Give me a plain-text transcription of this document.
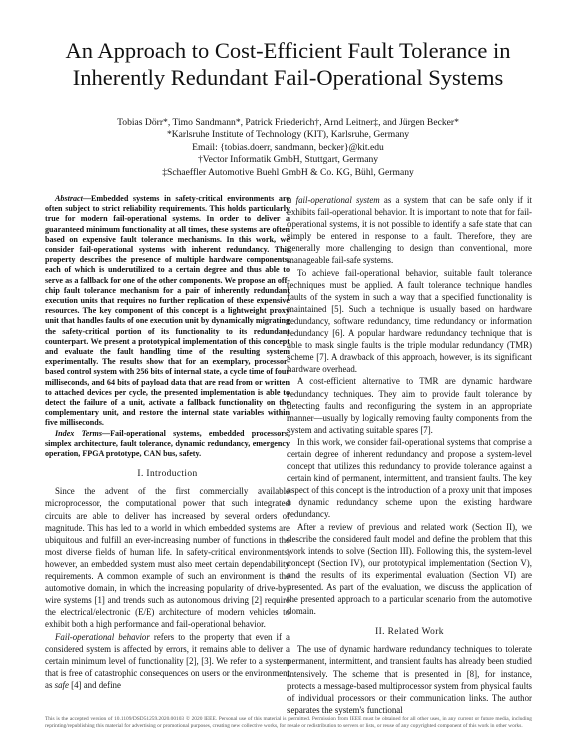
An Approach to Cost-Efficient Fault Tolerance in Inherently Redundant Fail-Operational Systems
Tobias Dörr*, Timo Sandmann*, Patrick Friederich†, Arnd Leitner‡, and Jürgen Becker*
*Karlsruhe Institute of Technology (KIT), Karlsruhe, Germany
Email: {tobias.doerr, sandmann, becker}@kit.edu
†Vector Informatik GmbH, Stuttgart, Germany
‡Schaeffler Automotive Buehl GmbH & Co. KG, Bühl, Germany

Abstract—Embedded systems in safety-critical environments are often subject to strict reliability requirements. This holds particularly true for modern fail-operational systems. In order to deliver a guaranteed minimum functionality at all times, these systems are often based on expensive fault tolerance mechanisms. In this work, we consider fail-operational systems with inherent redundancy. This property describes the presence of multiple hardware components, each of which is underutilized to a certain degree and thus able to serve as a fallback for one of the other components. We propose an off-chip fault tolerance mechanism for a pair of inherently redundant execution units that requires no further replication of these expensive resources. The key component of this concept is a lightweight proxy unit that handles faults of one execution unit by dynamically migrating the safety-critical portion of its functionality to its redundant counterpart. We present a prototypical implementation of this concept and evaluate the fault handling time of the resulting system experimentally. The results show that for an exemplary, processor-based control system with 256 bits of internal state, a cycle time of four milliseconds, and 64 bits of payload data that are read from or written to attached devices per cycle, the presented implementation is able to detect the failure of a unit, activate a fallback functionality on the complementary unit, and restore the internal state variables within five milliseconds.

Index Terms—Fail-operational systems, embedded processors, simplex architecture, fault tolerance, dynamic redundancy, emergency operation, FPGA prototype, CAN bus, safety.

I. Introduction

Since the advent of the first commercially available microprocessor, the computational power that such integrated circuits are able to deliver has increased by several orders of magnitude. This has led to a world in which embedded systems are ubiquitous and fulfill an ever-increasing number of functions in the most diverse fields of human life. In safety-critical environments, however, an embedded system must also meet certain dependability requirements. A common example of such an environment is the automotive domain, in which the increasing popularity of drive-by-wire systems [1] and trends such as autonomous driving [2] require the electrical/electronic (E/E) architecture of modern vehicles to exhibit both a high performance and fail-operational behavior.

Fail-operational behavior refers to the property that even if a considered system is affected by errors, it remains able to deliver a certain minimum level of functionality [2], [3]. We refer to a system that is free of catastrophic consequences on users or the environment as safe [4] and define

a fail-operational system as a system that can be safe only if it exhibits fail-operational behavior. It is important to note that for fail-operational systems, it is not possible to identify a safe state that can simply be entered in response to a fault. Therefore, they are generally more challenging to design than conventional, more manageable fail-safe systems.

To achieve fail-operational behavior, suitable fault tolerance techniques must be applied. A fault tolerance technique handles faults of the system in such a way that a specified functionality is maintained [5]. Such a technique is usually based on hardware redundancy, software redundancy, time redundancy or information redundancy [6]. A popular hardware redundancy technique that is able to mask single faults is the triple modular redundancy (TMR) scheme [7]. A drawback of this approach, however, is its significant hardware overhead.

A cost-efficient alternative to TMR are dynamic hardware redundancy techniques. They aim to provide fault tolerance by detecting faults and reconfiguring the system in an appropriate manner—usually by logically removing faulty components from the system and activating suitable spares [7].

In this work, we consider fail-operational systems that comprise a certain degree of inherent redundancy and propose a system-level concept that utilizes this redundancy to provide tolerance against a certain kind of permanent, intermittent, and transient faults. The key aspect of this concept is the introduction of a proxy unit that imposes a dynamic redundancy scheme upon the existing hardware redundancy.

After a review of previous and related work (Section II), we describe the considered fault model and define the problem that this work intends to solve (Section III). Following this, the system-level concept (Section IV), our prototypical implementation (Section V), and the results of its experimental evaluation (Section VI) are presented. As part of the evaluation, we discuss the application of the presented approach to a particular scenario from the automotive domain.

II. Related Work

The use of dynamic hardware redundancy techniques to tolerate permanent, intermittent, and transient faults has already been studied intensively. The scheme that is presented in [8], for instance, protects a message-based multiprocessor system from physical faults of individual processors or their communication links. The author separates the system's functional

This is the accepted version of 10.1109/DSD51259.2020.00103 © 2020 IEEE. Personal use of this material is permitted. Permission from IEEE must be obtained for all other uses, in any current or future media, including reprinting/republishing this material for advertising or promotional purposes, creating new collective works, for resale or redistribution to servers or lists, or reuse of any copyrighted component of this work in other works.
